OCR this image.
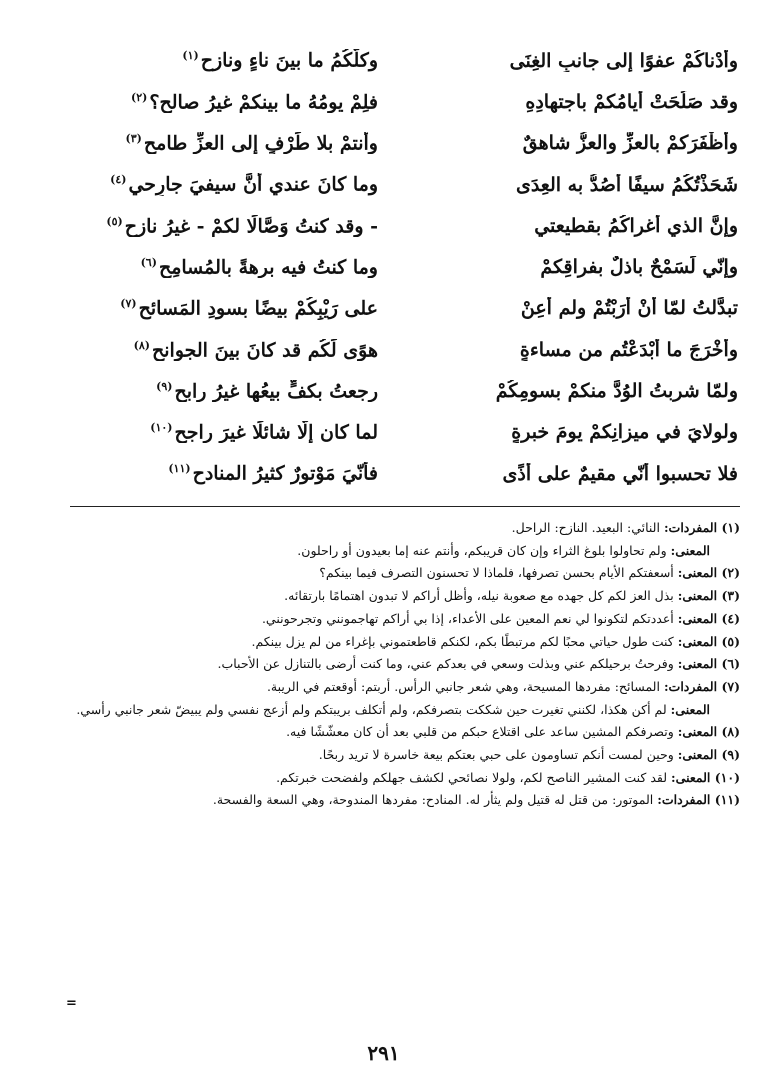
وأدْناكُمْ عفوًا إلى جانبِ الغِنَى
وكلُّكُمُ ما بينَ ناءٍ ونازحِ$^{(١)}$
وقد صَلُحَتْ أيامُكمْ باجتهادِهِ
فلِمْ يومُهُ ما بينكمْ غيرُ صالحِ؟$^{(٢)}$
وأظْفَرَكمْ بالعزِّ والعزُّ شاهقٌ
وأنتمْ بلا طَرْفٍ إلى العزِّ طامحِ$^{(٣)}$
شَحَذْتُكُمُ سيفًا أصُدُّ به العِدَى
وما كانَ عندي أنَّ سيفيَ جارِحي$^{(٤)}$
وإنَّ الذي أغراكُمُ بقطيعتي
- وقد كنتُ وَصَّالًا لكمْ - غيرُ نازحِ$^{(٥)}$
وإنّي لَسَمْحٌ باذلٌ بفراقِكمْ
وما كنتُ فيه برهةً بالمُسامِحِ$^{(٦)}$
تبدَّلتُ لمّا أنْ أرَبْتُمْ ولم أُعِنْ
على رَيْبِكُمْ بيضًا بسودِ المَسائحِ$^{(٧)}$
وأخْرَجَ ما أبْدَعْتُم من مساءةٍ
هوًى لَكُم قد كانَ بينَ الجوانحِ$^{(٨)}$
ولمّا شربتُ الوُدَّ منكمْ بسومِكُمْ
رجعتُ بكفٍّ بيعُها غيرُ رابحِ$^{(٩)}$
ولولايَ في ميزانِكمْ يومَ خبرةٍ
لما كان إلّا شائلًا غيرَ راجحِ$^{(١٠)}$
فلا تحسبوا أنّي مقيمٌ على أذًى
فأنّيَ مَوْتورٌ كثيرُ المنادحِ$^{(١١)}$

(١) المفردات: النائي: البعيد. النازح: الراحل.

المعنى: ولم تحاولوا بلوغ الثراء وإن كان قريبكم، وأنتم عنه إما بعيدون أو راحلون.

(٢) المعنى: أسعفتكم الأيام بحسن تصرفها، فلماذا لا تحسنون التصرف فيما بينكم؟

(٣) المعنى: بذل العز لكم كل جهده مع صعوبة نيله، وأظل أراكم لا تبدون اهتمامًا بارتقائه.

(٤) المعنى: أعددتكم لتكونوا لي نعم المعين على الأعداء، إذا بي أراكم تهاجمونني وتجرحونني.

(٥) المعنى: كنت طول حياتي محبًا لكم مرتبطًا بكم، لكنكم قاطعتموني بإغراء من لم يزل بينكم.

(٦) المعنى: وفرحتُ برحيلكم عني وبذلت وسعي في بعدكم عني، وما كنت أرضى بالتنازل عن الأحباب.

(٧) المفردات: المسائح: مفردها المسيحة، وهي شعر جانبي الرأس. أربتم: أوقعتم في الريبة.

المعنى: لم أكن هكذا، لكنني تغيرت حين شككت بتصرفكم، ولم أتكلف بريبتكم ولم أزعج نفسي ولم يبيضّ شعر جانبي رأسي.

(٨) المعنى: وتصرفكم المشين ساعد على اقتلاع حبكم من قلبي بعد أن كان معشّشًا فيه.

(٩) المعنى: وحين لمست أنكم تساومون على حبي بعتكم بيعة خاسرة لا تريد ربحًا.

(١٠) المعنى: لقد كنت المشير الناصح لكم، ولولا نصائحي لكشف جهلكم ولفضحت خبرتكم.

(١١) المفردات: الموتور: من قتل له قتيل ولم يثأر له. المنادح: مفردها المندوحة، وهي السعة والفسحة.

=
٢٩١
